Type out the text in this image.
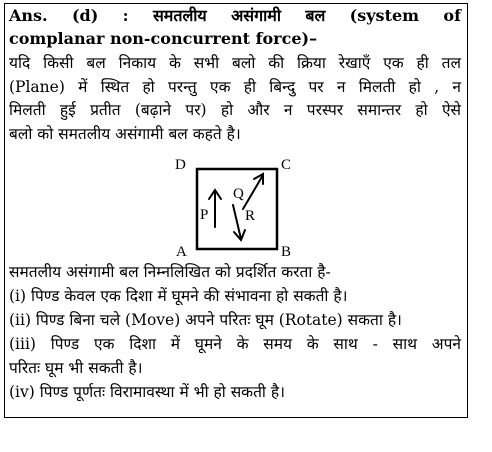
Ans. (d) : समतलीय असंगामी बल (system of
complanar non-concurrent force)–
यदि किसी बल निकाय के सभी बलो की क्रिया रेखाएँ एक ही तल
(Plane) में स्थित हो परन्तु एक ही बिन्दु पर न मिलती हो , न
मिलती हुई प्रतीत (बढ़ाने पर) हो और न परस्पर समान्तर हो ऐसे
बलो को समतलीय असंगामी बल कहते है।
D	C
A	B
P
Q
R
समतलीय असंगामी बल निम्नलिखित को प्रदर्शित करता है-
(i) पिण्ड केवल एक दिशा में घूमने की संभावना हो सकती है।
(ii) पिण्ड बिना चले (Move) अपने परितः घूम (Rotate) सकता है।
(iii) पिण्ड एक दिशा में घूमने के समय के साथ - साथ अपने
परितः घूम भी सकती है।
(iv) पिण्ड पूर्णतः विरामावस्था में भी हो सकती है।
